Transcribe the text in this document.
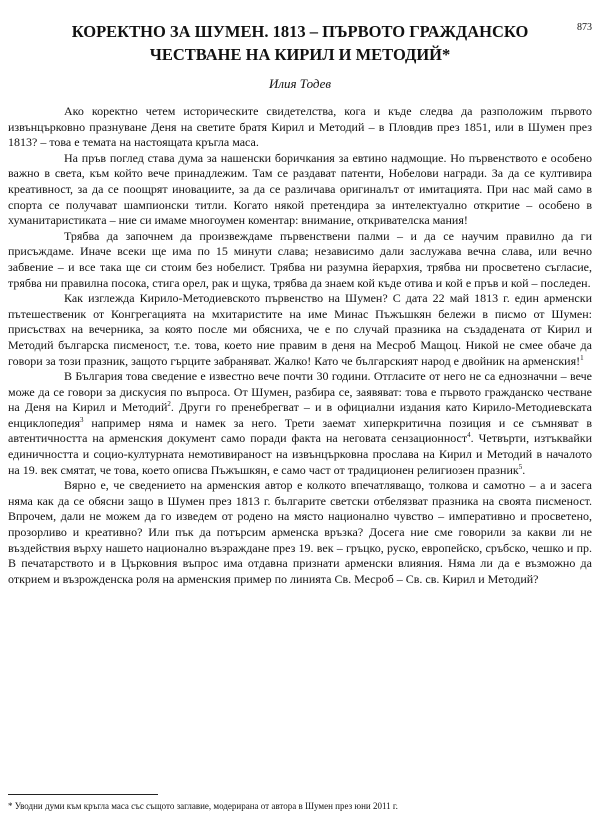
873
КОРЕКТНО ЗА ШУМЕН. 1813 – ПЪРВОТО ГРАЖДАНСКО
ЧЕСТВАНЕ НА КИРИЛ И МЕТОДИЙ*
Илия Тодев

Ако коректно четем историческите свидетелства, кога и къде следва да разположим първото извънцърковно празнуване Деня на светите братя Кирил и Методий – в Пловдив през 1851, или в Шумен през 1813? – това е темата на настоящата кръгла маса.

На пръв поглед става дума за нашенски боричкания за евтино надмощие. Но първенството е особено важно в света, към който вече принадлежим. Там се раздават патенти, Нобелови награди. За да се култивира креативност, за да се поощрят иновациите, за да се различава оригиналът от имитацията. При нас май само в спорта се получават шампионски титли. Когато някой претендира за интелектуално откритие – особено в хуманитаристиката – ние си имаме многоумен коментар: внимание, откривателска мания!

Трябва да започнем да произвеждаме първенствени палми – и да се научим правилно да ги присъждаме. Иначе всеки ще има по 15 минути слава; независимо дали заслужава вечна слава, или вечно забвение – и все така ще си стоим без нобелист. Трябва ни разумна йерархия, трябва ни просветено съгласие, трябва ни правилна посока, стига орел, рак и щука, трябва да знаем кой къде отива и кой е пръв и кой – последен.

Как изглежда Кирило-Методиевското първенство на Шумен? С дата 22 май 1813 г. един арменски пътешественик от Конгрегацията на мхитаристите на име Минас Пъжъшкян бележи в писмо от Шумен: присъствах на вечерника, за която после ми обясниха, че е по случай празника на създадената от Кирил и Методий българска писменост, т.е. това, което ние правим в деня на Месроб Мащоц. Никой не смее обаче да говори за този празник, защото гърците забраняват. Жалко! Като че българският народ е двойник на арменския!$^1$

В България това сведение е известно вече почти 30 години. Отгласите от него не са еднозначни – вече може да се говори за дискусия по въпроса. От Шумен, разбира се, заявяват: това е първото гражданско честване на Деня на Кирил и Методий$^2$. Други го пренебрегват – и в официални издания като Кирило-Методиевската енциклопедия$^3$ например няма и намек за него. Трети заемат хиперкритична позиция и се съмняват в автентичността на арменския документ само поради факта на неговата сензационност$^4$. Четвърти, изтъквайки единичността и социо-културната немотивираност на извънцърковна прослава на Кирил и Методий в началото на 19. век смятат, че това, което описва Пъжъшкян, е само част от традиционен религиозен празник$^5$.

Вярно е, че сведението на арменския автор е колкото впечатляващо, толкова и самотно – а и засега няма как да се обясни защо в Шумен през 1813 г. българите светски отбелязват празника на своята писменост. Впрочем, дали не можем да го изведем от родено на място национално чувство – императивно и просветено, прозорливо и креативно? Или пък да потърсим арменска връзка? Досега ние сме говорили за какви ли не въздействия върху нашето национално възраждане през 19. век – гръцко, руско, европейско, сръбско, чешко и пр. В печатарството и в Църковния въпрос има отдавна признати арменски влияния. Няма ли да е възможно да открием и възрожденска роля на арменския пример по линията Св. Месроб – Св. св. Кирил и Методий?

* Уводни думи към кръгла маса със същото заглавие, модерирана от автора в Шумен през юни 2011 г.
